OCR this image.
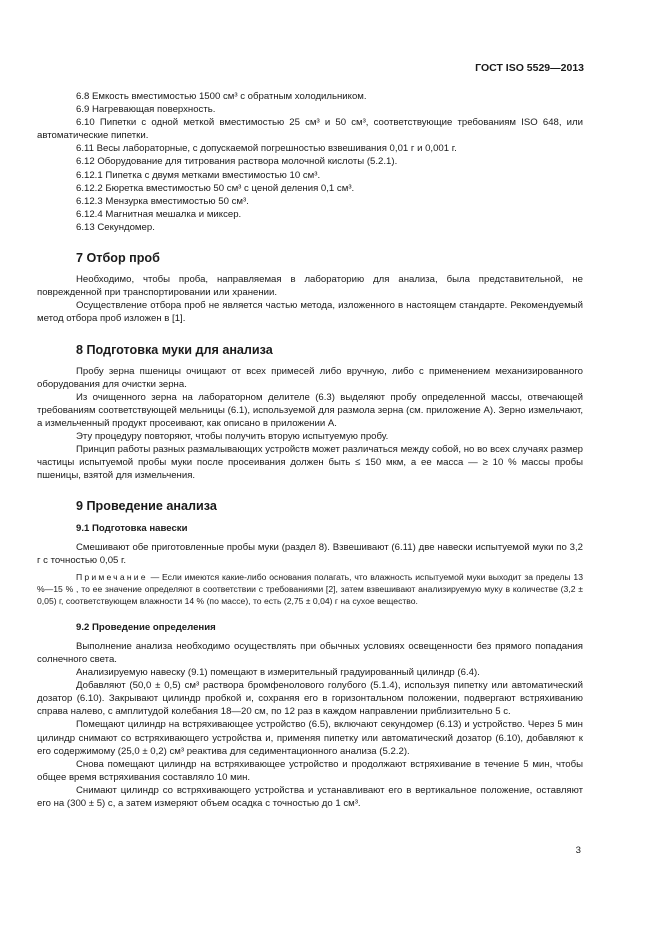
ГОСТ ISO 5529—2013

6.8 Емкость вместимостью 1500 см³ с обратным холодильником.

6.9 Нагревающая поверхность.

6.10 Пипетки с одной меткой вместимостью 25 см³ и 50 см³, соответствующие требованиям ISO 648, или автоматические пипетки.

6.11 Весы лабораторные, с допускаемой погрешностью взвешивания 0,01 г и 0,001 г.

6.12 Оборудование для титрования раствора молочной кислоты (5.2.1).

6.12.1 Пипетка с двумя метками вместимостью 10 см³.

6.12.2 Бюретка вместимостью 50 см³ с ценой деления 0,1 см³.

6.12.3 Мензурка вместимостью 50 см³.

6.12.4 Магнитная мешалка и миксер.

6.13 Секундомер.

7 Отбор проб

Необходимо, чтобы проба, направляемая в лабораторию для анализа, была представительной, не поврежденной при транспортировании или хранении.

Осуществление отбора проб не является частью метода, изложенного в настоящем стандарте. Рекомендуемый метод отбора проб изложен в [1].

8 Подготовка муки для анализа

Пробу зерна пшеницы очищают от всех примесей либо вручную, либо с применением механизированного оборудования для очистки зерна.

Из очищенного зерна на лабораторном делителе (6.3) выделяют пробу определенной массы, отвечающей требованиям соответствующей мельницы (6.1), используемой для размола зерна (см. приложение А). Зерно измельчают, а измельченный продукт просеивают, как описано в приложении А.

Эту процедуру повторяют, чтобы получить вторую испытуемую пробу.

Принцип работы разных размалывающих устройств может различаться между собой, но во всех случаях размер частицы испытуемой пробы муки после просеивания должен быть ≤ 150 мкм, а ее масса — ≥ 10 % массы пробы пшеницы, взятой для измельчения.

9 Проведение анализа
9.1 Подготовка навески

Смешивают обе приготовленные пробы муки (раздел 8). Взвешивают (6.11) две навески испытуемой муки по 3,2 г с точностью 0,05 г.

Примечание — Если имеются какие-либо основания полагать, что влажность испытуемой муки выходит за пределы 13 %—15 % , то ее значение определяют в соответствии с требованиями [2], затем взвешивают анализируемую муку в количестве (3,2 ± 0,05) г, соответствующем влажности 14 % (по массе), то есть (2,75 ± 0,04) г на сухое вещество.

9.2 Проведение определения

Выполнение анализа необходимо осуществлять при обычных условиях освещенности без прямого попадания солнечного света.

Анализируемую навеску (9.1) помещают в измерительный градуированный цилиндр (6.4).

Добавляют (50,0 ± 0,5) см³ раствора бромфенолового голубого (5.1.4), используя пипетку или автоматический дозатор (6.10). Закрывают цилиндр пробкой и, сохраняя его в горизонтальном положении, подвергают встряхиванию справа налево, с амплитудой колебания 18—20 см, по 12 раз в каждом направлении приблизительно 5 с.

Помещают цилиндр на встряхивающее устройство (6.5), включают секундомер (6.13) и устройство. Через 5 мин цилиндр снимают со встряхивающего устройства и, применяя пипетку или автоматический дозатор (6.10), добавляют к его содержимому (25,0 ± 0,2) см³ реактива для седиментационного анализа (5.2.2).

Снова помещают цилиндр на встряхивающее устройство и продолжают встряхивание в течение 5 мин, чтобы общее время встряхивания составляло 10 мин.

Снимают цилиндр со встряхивающего устройства и устанавливают его в вертикальное положение, оставляют его на (300 ± 5) с, а затем измеряют объем осадка с точностью до 1 см³.

3
